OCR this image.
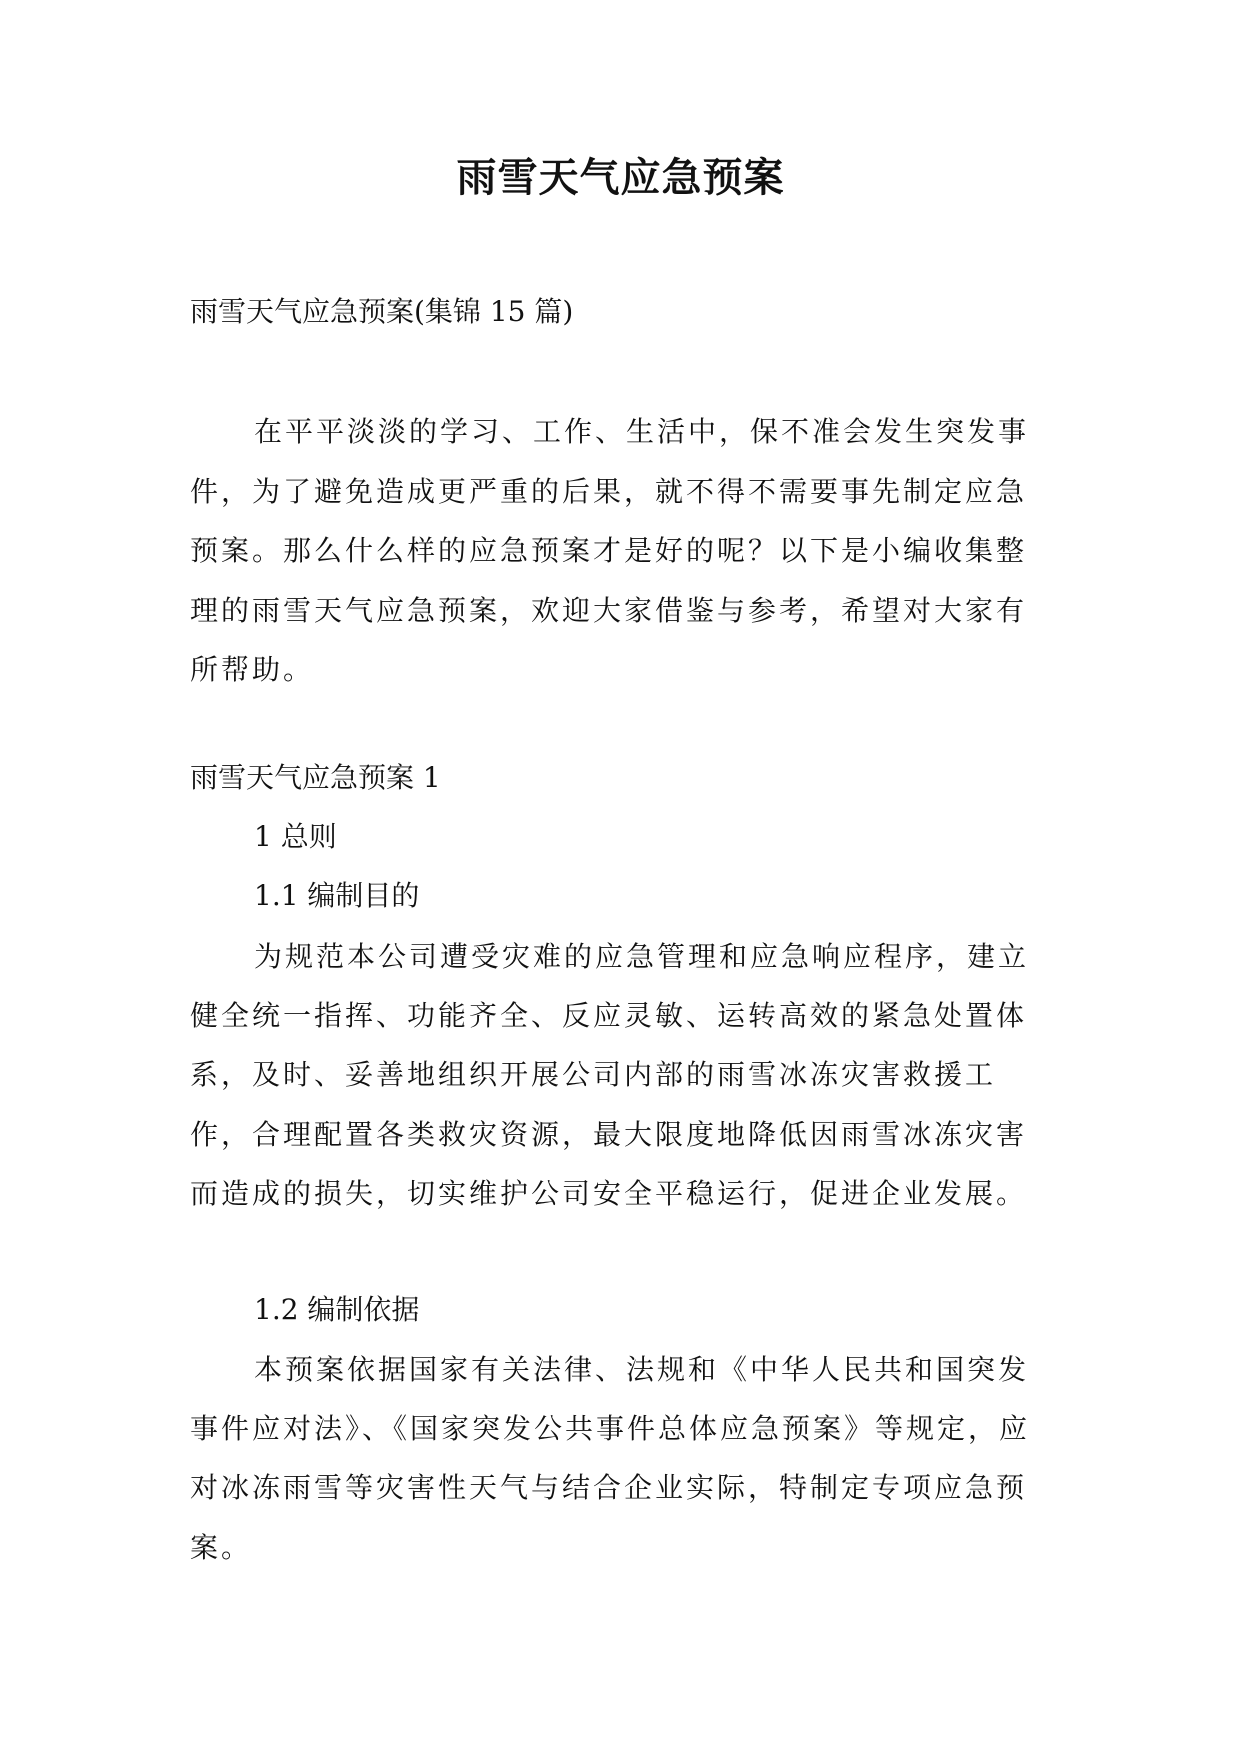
雨雪天气应急预案
雨雪天气应急预案(集锦 15 篇)

在平平淡淡的学习、工作、生活中，保不准会发生突发事件，为了避免造成更严重的后果，就不得不需要事先制定应急预案。那么什么样的应急预案才是好的呢？以下是小编收集整理的雨雪天气应急预案，欢迎大家借鉴与参考，希望对大家有所帮助。

雨雪天气应急预案 1
1 总则
1.1 编制目的

为规范本公司遭受灾难的应急管理和应急响应程序，建立健全统一指挥、功能齐全、反应灵敏、运转高效的紧急处置体系，及时、妥善地组织开展公司内部的雨雪冰冻灾害救援工作，合理配置各类救灾资源，最大限度地降低因雨雪冰冻灾害而造成的损失，切实维护公司安全平稳运行，促进企业发展。

1.2 编制依据

本预案依据国家有关法律、法规和《中华人民共和国突发事件应对法》、《国家突发公共事件总体应急预案》等规定，应对冰冻雨雪等灾害性天气与结合企业实际，特制定专项应急预案。
